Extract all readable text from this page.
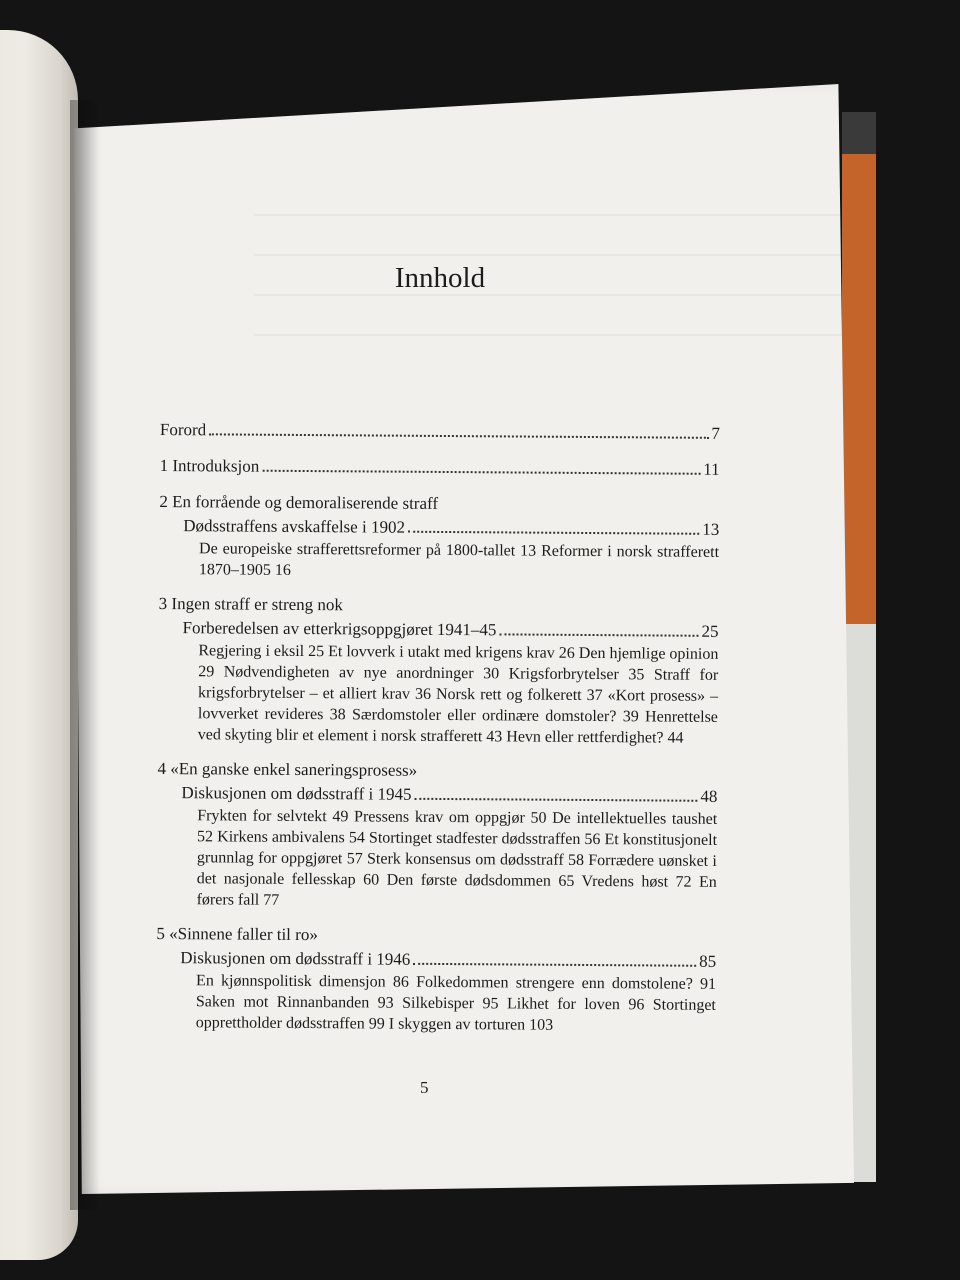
Innhold
Forord	7
1 Introduksjon	11
2 En forrående og demoraliserende straff
Dødsstraffens avskaffelse i 1902	13
De europeiske strafferettsreformer på 1800-tallet 13 Reformer i norsk strafferett 1870–1905 16
3 Ingen straff er streng nok
Forberedelsen av etterkrigsoppgjøret 1941–45	25
Regjering i eksil 25 Et lovverk i utakt med krigens krav 26 Den hjemlige opinion 29 Nødvendigheten av nye anordninger 30 Krigsforbrytelser 35 Straff for krigsforbrytelser – et alliert krav 36 Norsk rett og folkerett 37 «Kort prosess» – lovverket revideres 38 Særdomstoler eller ordinære domstoler? 39 Henrettelse ved skyting blir et element i norsk strafferett 43 Hevn eller rettferdighet? 44
4 «En ganske enkel saneringsprosess»
Diskusjonen om dødsstraff i 1945	48
Frykten for selvtekt 49 Pressens krav om oppgjør 50 De intellektuelles taushet 52 Kirkens ambivalens 54 Stortinget stadfester dødsstraffen 56 Et konstitusjonelt grunnlag for oppgjøret 57 Sterk konsensus om dødsstraff 58 Forrædere uønsket i det nasjonale fellesskap 60 Den første dødsdommen 65 Vredens høst 72 En førers fall 77
5 «Sinnene faller til ro»
Diskusjonen om dødsstraff i 1946	85
En kjønnspolitisk dimensjon 86 Folkedommen strengere enn domstolene? 91 Saken mot Rinnanbanden 93 Silkebisper 95 Likhet for loven 96 Stortinget opprettholder dødsstraffen 99 I skyggen av torturen 103
5
